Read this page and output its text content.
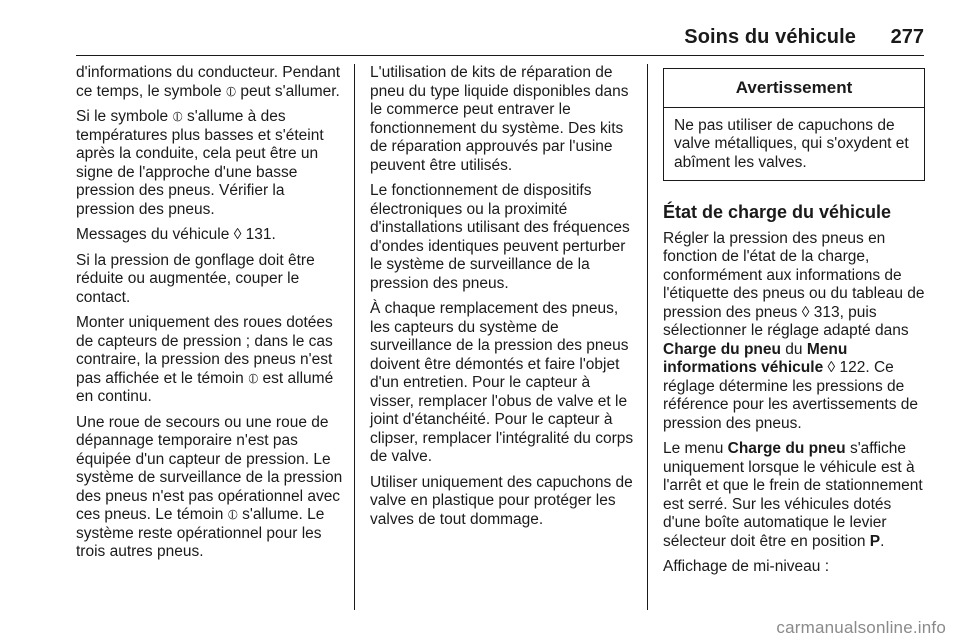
Soins du véhicule 277

d'informations du conducteur. Pendant ce temps, le symbole ⦶ peut s'allumer.

Si le symbole ⦶ s'allume à des températures plus basses et s'éteint après la conduite, cela peut être un signe de l'approche d'une basse pression des pneus. Vérifier la pression des pneus.

Messages du véhicule ◊ 131.

Si la pression de gonflage doit être réduite ou augmentée, couper le contact.

Monter uniquement des roues dotées de capteurs de pression ; dans le cas contraire, la pression des pneus n'est pas affichée et le témoin ⦶ est allumé en continu.

Une roue de secours ou une roue de dépannage temporaire n'est pas équipée d'un capteur de pression. Le système de surveillance de la pression des pneus n'est pas opérationnel avec ces pneus. Le témoin ⦶ s'allume. Le système reste opérationnel pour les trois autres pneus.

L'utilisation de kits de réparation de pneu du type liquide disponibles dans le commerce peut entraver le fonctionnement du système. Des kits de réparation approuvés par l'usine peuvent être utilisés.

Le fonctionnement de dispositifs électroniques ou la proximité d'installations utilisant des fréquences d'ondes identiques peuvent perturber le système de surveillance de la pression des pneus.

À chaque remplacement des pneus, les capteurs du système de surveillance de la pression des pneus doivent être démontés et faire l'objet d'un entretien. Pour le capteur à visser, remplacer l'obus de valve et le joint d'étanchéité. Pour le capteur à clipser, remplacer l'intégralité du corps de valve.

Utiliser uniquement des capuchons de valve en plastique pour protéger les valves de tout dommage.

Avertissement
Ne pas utiliser de capuchons de valve métalliques, qui s'oxydent et abîment les valves.
État de charge du véhicule

Régler la pression des pneus en fonction de l'état de la charge, conformément aux informations de l'étiquette des pneus ou du tableau de pression des pneus ◊ 313, puis sélectionner le réglage adapté dans Charge du pneu du Menu informations véhicule ◊ 122. Ce réglage détermine les pressions de référence pour les avertissements de pression des pneus.

Le menu Charge du pneu s'affiche uniquement lorsque le véhicule est à l'arrêt et que le frein de stationnement est serré. Sur les véhicules dotés d'une boîte automatique le levier sélecteur doit être en position P.

Affichage de mi-niveau :

carmanualsonline.info
